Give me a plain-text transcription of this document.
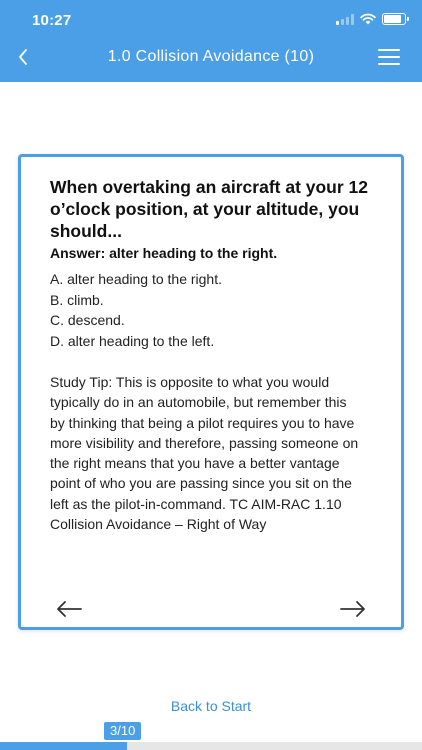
10:27
1.0 Collision Avoidance (10)
When overtaking an aircraft at your 12 o’clock position, at your altitude, you should...
Answer: alter heading to the right.
A. alter heading to the right.
B. climb.
C. descend.
D. alter heading to the left.
Study Tip: This is opposite to what you would typically do in an automobile, but remember this by thinking that being a pilot requires you to have more visibility and therefore, passing someone on the right means that you have a better vantage point of who you are passing since you sit on the left as the pilot-in-command. TC AIM-RAC 1.10 Collision Avoidance – Right of Way
Back to Start
3/10
